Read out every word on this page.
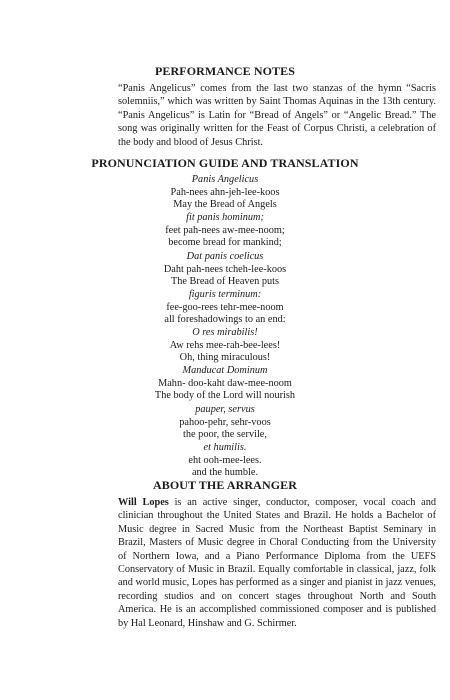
PERFORMANCE NOTES
“Panis Angelicus” comes from the last two stanzas of the hymn “Sacris solemniis,” which was written by Saint Thomas Aquinas in the 13th century. “Panis Angelicus” is Latin for “Bread of Angels” or “Angelic Bread.” The song was originally written for the Feast of Corpus Christi, a celebration of the body and blood of Jesus Christ.
PRONUNCIATION GUIDE AND TRANSLATION
Panis Angelicus
Pah-nees ahn-jeh-lee-koos
May the Bread of Angels
fit panis hominum;
feet pah-nees aw-mee-noom;
become bread for mankind;
Dat panis coelicus
Daht pah-nees tcheh-lee-koos
The Bread of Heaven puts
figuris terminum:
fee-goo-rees tehr-mee-noom
all foreshadowings to an end:
O res mirabilis!
Aw rehs mee-rah-bee-lees!
Oh, thing miraculous!
Manducat Dominum
Mahn- doo-kaht daw-mee-noom
The body of the Lord will nourish
pauper, servus
pahoo-pehr, sehr-voos
the poor, the servile,
et humilis.
eht ooh-mee-lees.
and the humble.
ABOUT THE ARRANGER
Will Lopes is an active singer, conductor, composer, vocal coach and clinician throughout the United States and Brazil. He holds a Bachelor of Music degree in Sacred Music from the Northeast Baptist Seminary in Brazil, Masters of Music degree in Choral Conducting from the University of Northern Iowa, and a Piano Performance Diploma from the UEFS Conservatory of Music in Brazil. Equally comfortable in classical, jazz, folk and world music, Lopes has performed as a singer and pianist in jazz venues, recording studios and on concert stages throughout North and South America. He is an accomplished commissioned composer and is published by Hal Leonard, Hinshaw and G. Schirmer.
